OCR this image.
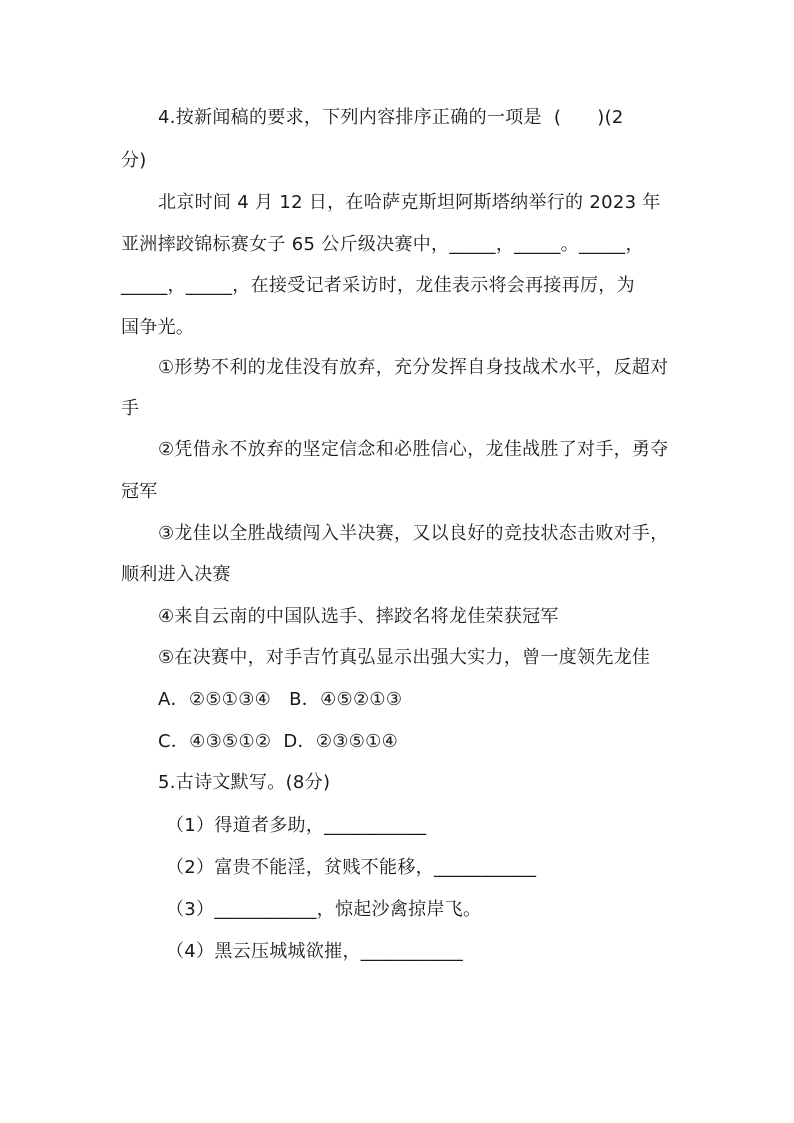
4.按新闻稿的要求，下列内容排序正确的一项是  (      )(2
分)
北京时间 4 月 12 日，在哈萨克斯坦阿斯塔纳举行的 2023 年
亚洲摔跤锦标赛女子 65 公斤级决赛中，_____，_____。_____，
_____，_____，在接受记者采访时，龙佳表示将会再接再厉，为
国争光。
①形势不利的龙佳没有放弃，充分发挥自身技战术水平，反超对
手
②凭借永不放弃的坚定信念和必胜信心，龙佳战胜了对手，勇夺
冠军
③龙佳以全胜战绩闯入半决赛，又以良好的竞技状态击败对手，
顺利进入决赛
④来自云南的中国队选手、摔跤名将龙佳荣获冠军
⑤在决赛中，对手吉竹真弘显示出强大实力，曾一度领先龙佳
A．②⑤①③④   B．④⑤②①③
C．④③⑤①②  D．②③⑤①④
5.古诗文默写。(8分)
（1）得道者多助，___________
（2）富贵不能淫，贫贱不能移，___________
（3）___________，惊起沙禽掠岸飞。
（4）黑云压城城欲摧，___________
